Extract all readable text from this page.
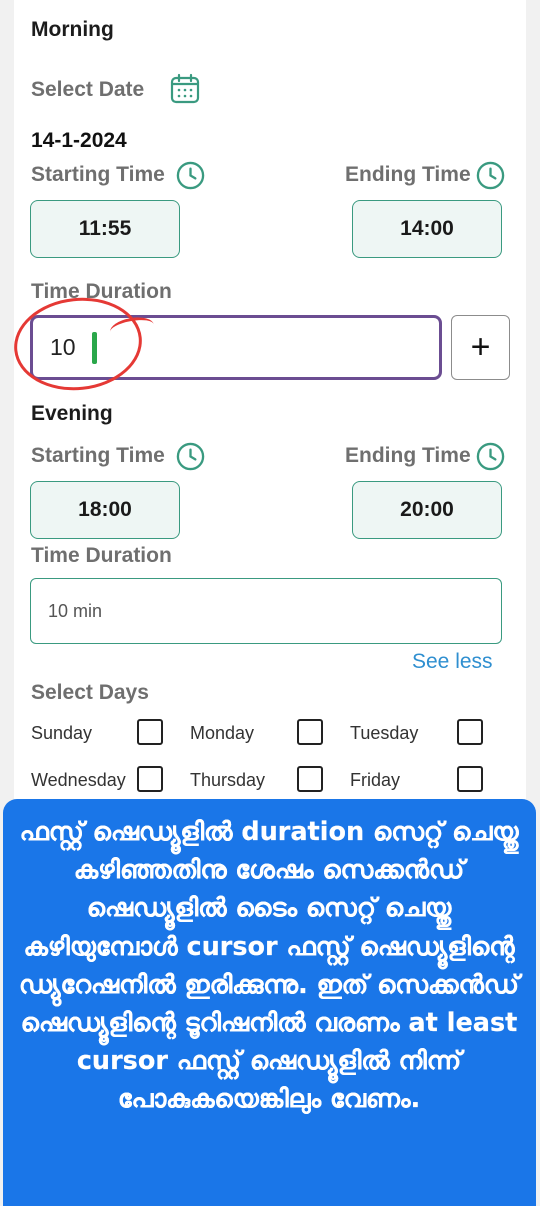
Morning
Select Date
14-1-2024
Starting Time	Ending Time
11:55	14:00
Time Duration
10	+
Evening
Starting Time	Ending Time
18:00	20:00
Time Duration
10 min
See less
Select Days
Sunday	Monday	Tuesday
Wednesday	Thursday	Friday
ഫസ്റ്റ് ഷെഡ്യൂളിൽ duration സെറ്റ് ചെയ്തു കഴിഞ്ഞതിനു ശേഷം സെക്കൻഡ് ഷെഡ്യൂളിൽ ടൈം സെറ്റ് ചെയ്തു കഴിയുമ്പോൾ cursor ഫസ്റ്റ് ഷെഡ്യൂളിന്റെ ഡ്യുറേഷനിൽ ഇരിക്കുന്നു. ഇത് സെക്കൻഡ് ഷെഡ്യൂളിന്റെ ടൂറിഷനിൽ വരണം at least cursor ഫസ്റ്റ് ഷെഡ്യൂളിൽ നിന്ന് പോകുകയെങ്കിലും വേണം.
